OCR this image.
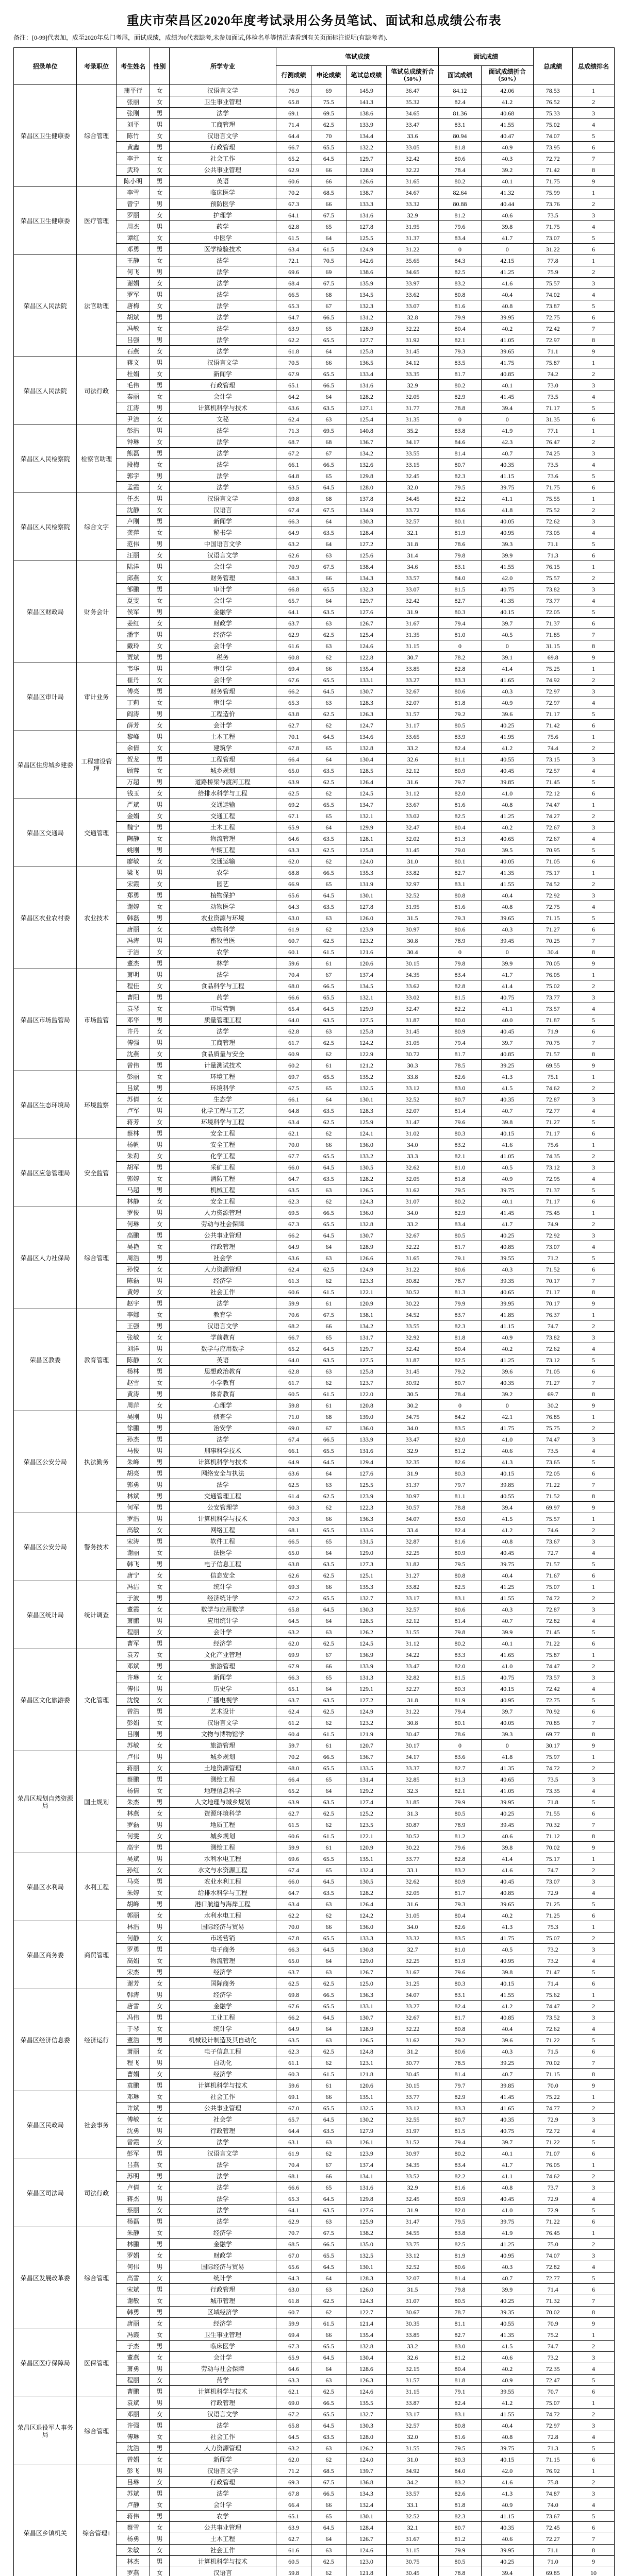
重庆市荣昌区2020年度考试录用公务员笔试、面试和总成绩公布表
备注：[0-99]代表加，成至2020年总门考尾，面试成绩，成绩为0代表缺考,未参加面试,体检名单等情况请看到有关页面标注说明(有缺考者).
招录单位	考录职位	考生姓名	性别	所学专业	笔试成绩				面试成绩		总成绩	总成绩排名
					行测成绩	申论成绩	笔试总成绩	笔试总成绩折合（50%）	面试成绩	面试成绩折合（50%）		
荣昌区卫生健康委	综合管理	蒲平行	女	汉语言文学	76.9	69	145.9	36.47	84.12	42.06	78.53	1
		张丽	女	卫生事业管理	65.8	75.5	141.3	35.32	82.4	41.2	76.52	2
		张刚	男	法学	69.1	69.5	138.6	34.65	81.36	40.68	75.33	3
		刘平	男	工商管理	71.4	62.5	133.9	33.47	83.1	41.55	75.02	4
		陈竹	女	汉语言文学	64.4	70	134.4	33.6	80.94	40.47	74.07	5
		黄鑫	男	行政管理	66.7	65.5	132.2	33.05	81.8	40.9	73.95	6
		李尹	女	社会工作	65.2	64.5	129.7	32.42	80.6	40.3	72.72	7
		武玲	女	公共事业管理	62.9	66	128.9	32.22	78.4	39.2	71.42	8
		陈小明	男	英语	60.6	66	126.6	31.65	80.2	40.1	71.75	9
荣昌区卫生健康委	医疗管理	李雪	女	临床医学	70.2	68.5	138.7	34.67	82.64	41.32	75.99	1
		曾宁	男	预防医学	67.3	66	133.3	33.32	80.88	40.44	73.76	2
		罗丽	女	护理学	64.1	67.5	131.6	32.9	81.2	40.6	73.5	3
		周杰	男	药学	62.8	65	127.8	31.95	79.6	39.8	71.75	4
		谭红	女	中医学	61.5	64	125.5	31.37	83.4	41.7	73.07	5
		邓勇	男	医学检验技术	63.4	61.5	124.9	31.22	0	0	31.22	6
荣昌区人民法院	法官助理	王静	女	法学	72.1	70.5	142.6	35.65	84.3	42.15	77.8	1
		何飞	男	法学	69.6	69	138.6	34.65	82.5	41.25	75.9	2
		谢娟	女	法学	68.4	67.5	135.9	33.97	83.2	41.6	75.57	3
		罗军	男	法学	66.5	68	134.5	33.62	80.8	40.4	74.02	4
		唐梅	女	法学	65.3	67	132.3	33.07	81.6	40.8	73.87	5
		胡斌	男	法学	64.7	66.5	131.2	32.8	79.9	39.95	72.75	6
		冯敏	女	法学	63.9	65	128.9	32.22	80.4	40.2	72.42	7
		吕强	男	法学	62.2	65.5	127.7	31.92	82.1	41.05	72.97	8
		石燕	女	法学	61.8	64	125.8	31.45	79.3	39.65	71.1	9
荣昌区人民法院	司法行政	蒋文	男	汉语言文学	70.5	66	136.5	34.12	83.5	41.75	75.87	1
		杜娟	女	新闻学	67.9	65.5	133.4	33.35	81.7	40.85	74.2	2
		毛伟	男	行政管理	65.1	66.5	131.6	32.9	80.2	40.1	73.0	3
		秦丽	女	会计学	64.2	64	128.2	32.05	82.9	41.45	73.5	4
		江涛	男	计算机科学与技术	63.6	63.5	127.1	31.77	78.8	39.4	71.17	5
		尹洁	女	文秘	62.4	63	125.4	31.35	0	0	31.35	6
荣昌区人民检察院	检察官助理	彭浩	男	法学	71.3	69.5	140.8	35.2	83.8	41.9	77.1	1
		钟琳	女	法学	68.7	68	136.7	34.17	84.6	42.3	76.47	2
		熊磊	男	法学	67.2	67	134.2	33.55	81.4	40.7	74.25	3
		段梅	女	法学	66.1	66.5	132.6	33.15	80.7	40.35	73.5	4
		郭宇	男	法学	64.8	65	129.8	32.45	82.3	41.15	73.6	5
		孟霞	女	法学	63.5	64.5	128.0	32.0	79.5	39.75	71.75	6
荣昌区人民检察院	综合文字	任杰	男	汉语言文学	69.8	68	137.8	34.45	82.2	41.1	75.55	1
		沈静	女	汉语言	67.4	67.5	134.9	33.72	83.6	41.8	75.52	2
		卢刚	男	新闻学	66.3	64	130.3	32.57	80.1	40.05	72.62	3
		龚萍	女	秘书学	64.9	63.5	128.4	32.1	81.9	40.95	73.05	4
		范伟	男	中国语言文学	63.2	64	127.2	31.8	78.6	39.3	71.1	5
		汪丽	女	汉语言文学	62.6	63	125.6	31.4	79.8	39.9	71.3	6
荣昌区财政局	财务会计	陆洋	男	会计学	70.9	67.5	138.4	34.6	83.1	41.55	76.15	1
		邱燕	女	财务管理	68.3	66	134.3	33.57	84.0	42.0	75.57	2
		邹鹏	男	审计学	66.8	65.5	132.3	33.07	81.5	40.75	73.82	3
		夏雯	女	会计学	65.7	64	129.7	32.42	82.7	41.35	73.77	4
		侯军	男	金融学	64.1	63.5	127.6	31.9	80.3	40.15	72.05	5
		姜红	女	财政学	63.7	63	126.7	31.67	79.4	39.7	71.37	6
		潘宇	男	经济学	62.9	62.5	125.4	31.35	81.0	40.5	71.85	7
		戴玲	女	会计学	61.6	63	124.6	31.15	0	0	31.15	8
		贾斌	男	税务	60.8	62	122.8	30.7	78.2	39.1	69.8	9
荣昌区审计局	审计业务	韦华	男	审计学	69.4	66	135.4	33.85	82.8	41.4	75.25	1
		崔丹	女	会计学	67.6	65.5	133.1	33.27	83.3	41.65	74.92	2
		傅亮	男	财务管理	66.2	64.5	130.7	32.67	80.6	40.3	72.97	3
		丁莉	女	审计学	65.3	63	128.3	32.07	81.8	40.9	72.97	4
		阎涛	男	工程造价	63.8	62.5	126.3	31.57	79.2	39.6	71.17	5
		薛芳	女	会计学	62.7	62	124.7	31.17	80.5	40.25	71.42	6
荣昌区住房城乡建委	工程建设管理	黎峰	男	土木工程	70.1	64.5	134.6	33.65	83.9	41.95	75.6	1
		余倩	女	建筑学	67.8	65	132.8	33.2	82.4	41.2	74.4	2
		贺龙	男	工程管理	66.4	64	130.4	32.6	81.1	40.55	73.15	3
		顾蓉	女	城乡规划	65.0	63.5	128.5	32.12	80.9	40.45	72.57	4
		万超	男	道路桥梁与渡河工程	63.9	62.5	126.4	31.6	79.7	39.85	71.45	5
		钱玉	女	给排水科学与工程	62.5	62	124.5	31.12	82.0	41.0	72.12	6
荣昌区交通局	交通管理	严斌	男	交通运输	69.2	65.5	134.7	33.67	81.6	40.8	74.47	1
		金娟	女	交通工程	67.1	65	132.1	33.02	82.5	41.25	74.27	2
		魏宁	男	土木工程	65.9	64	129.9	32.47	80.4	40.2	72.67	3
		陶静	女	物流管理	64.6	63.5	128.1	32.02	81.3	40.65	72.67	4
		姚刚	男	车辆工程	63.3	62.5	125.8	31.45	79.0	39.5	70.95	5
		廖敏	女	交通运输	62.0	62	124.0	31.0	80.1	40.05	71.05	6
荣昌区农业农村委	农业技术	梁飞	男	农学	68.8	66.5	135.3	33.82	82.7	41.35	75.17	1
		宋霞	女	园艺	66.9	65	131.9	32.97	83.1	41.55	74.52	2
		郑勇	男	植物保护	65.6	64.5	130.1	32.52	80.8	40.4	72.92	3
		谢婷	女	动物医学	64.3	63.5	127.8	31.95	81.6	40.8	72.75	4
		韩磊	男	农业资源与环境	63.0	63	126.0	31.5	79.3	39.65	71.15	5
		唐丽	女	动物科学	61.9	62	123.9	30.97	80.6	40.3	71.27	6
		冯涛	男	畜牧兽医	60.7	62.5	123.2	30.8	78.9	39.45	70.25	7
		于洁	女	农学	60.1	61.5	121.6	30.4	0	0	30.4	8
		董杰	男	林学	59.6	61	120.6	30.15	79.8	39.9	70.05	9
荣昌区市场监管局	市场监管	萧明	男	法学	70.4	67	137.4	34.35	83.4	41.7	76.05	1
		程佳	女	食品科学与工程	68.0	66.5	134.5	33.62	82.8	41.4	75.02	2
		曹阳	男	药学	66.6	65.5	132.1	33.02	81.5	40.75	73.77	3
		袁琴	女	市场营销	65.4	64.5	129.9	32.47	82.2	41.1	73.57	4
		邓华	男	质量管理工程	64.0	63.5	127.5	31.87	80.0	40.0	71.87	5
		许丹	女	法学	62.8	63	125.8	31.45	80.9	40.45	71.9	6
		傅强	男	工商管理	61.7	62.5	124.2	31.05	79.4	39.7	70.75	7
		沈燕	女	食品质量与安全	60.9	62	122.9	30.72	81.7	40.85	71.57	8
		曾伟	男	计量测试技术	60.2	61	121.2	30.3	78.5	39.25	69.55	9
荣昌区生态环境局	环境监察	彭丽	女	环境工程	69.7	65.5	135.2	33.8	82.6	41.3	75.1	1
		吕斌	男	环境科学	67.5	65	132.5	33.12	83.0	41.5	74.62	2
		苏倩	女	生态学	66.1	64	130.1	32.52	80.7	40.35	72.87	3
		卢军	男	化学工程与工艺	64.8	63.5	128.3	32.07	81.4	40.7	72.77	4
		蒋芳	女	环境科学与工程	63.4	62.5	125.9	31.47	79.6	39.8	71.27	5
		蔡林	男	安全工程	62.1	62	124.1	31.02	80.3	40.15	71.17	6
荣昌区应急管理局	安全监管	杨帆	男	安全工程	70.0	66	136.0	34.0	83.2	41.6	75.6	1
		朱莉	女	化学工程	67.7	65.5	133.2	33.3	82.1	41.05	74.35	2
		胡军	男	采矿工程	66.0	64.5	130.5	32.62	81.0	40.5	73.12	3
		郭婷	女	消防工程	64.7	63.5	128.2	32.05	81.8	40.9	72.95	4
		马超	男	机械工程	63.5	63	126.5	31.62	79.5	39.75	71.37	5
		林静	女	安全工程	62.3	62	124.3	31.07	80.2	40.1	71.17	6
荣昌区人力社保局	综合管理	罗俊	男	人力资源管理	69.5	66.5	136.0	34.0	82.9	41.45	75.45	1
		何琳	女	劳动与社会保障	67.3	65.5	132.8	33.2	83.4	41.7	74.9	2
		高鹏	男	公共事业管理	66.2	64.5	130.7	32.67	80.5	40.25	72.92	3
		吴艳	女	行政管理	64.9	64	128.9	32.22	81.7	40.85	73.07	4
		周浩	男	社会学	63.6	63	126.6	31.65	79.1	39.55	71.2	5
		孙悦	女	人力资源管理	62.4	62.5	124.9	31.22	80.6	40.3	71.52	6
		陈磊	男	经济学	61.3	62	123.3	30.82	78.7	39.35	70.17	7
		黄婷	女	社会工作	60.6	61.5	122.1	30.52	81.3	40.65	71.17	8
		赵宇	男	法学	59.9	61	120.9	30.22	79.9	39.95	70.17	9
荣昌区教委	教育管理	李娜	女	教育学	70.6	67.5	138.1	34.52	83.7	41.85	76.37	1
		王强	男	汉语言文学	68.2	66	134.2	33.55	82.3	41.15	74.7	2
		张敏	女	学前教育	66.7	65	131.7	32.92	81.8	40.9	73.82	3
		刘洋	男	数学与应用数学	65.2	64.5	129.7	32.42	80.4	40.2	72.62	4
		陈静	女	英语	64.0	63.5	127.5	31.87	82.5	41.25	73.12	5
		杨林	男	思想政治教育	62.8	63	125.8	31.45	79.2	39.6	71.05	6
		赵雪	女	小学教育	61.7	62	123.7	30.92	80.7	40.35	71.27	7
		黄涛	男	体育教育	60.5	61.5	122.0	30.5	78.4	39.2	69.7	8
		周萍	女	心理学	59.8	61	120.8	30.2	0	0	30.2	9
荣昌区公安分局	执法勤务	吴刚	男	侦查学	71.0	68	139.0	34.75	84.2	42.1	76.85	1
		徐鹏	男	治安学	69.0	67	136.0	34.0	83.5	41.75	75.75	2
		孙杰	男	法学	67.4	66.5	133.9	33.47	82.0	41.0	74.47	3
		马俊	男	刑事科学技术	66.1	65.5	131.6	32.9	81.2	40.6	73.5	4
		朱峰	男	计算机科学与技术	64.9	64.5	129.4	32.35	82.6	41.3	73.65	5
		胡亮	男	网络安全与执法	63.6	64	127.6	31.9	80.3	40.15	72.05	6
		郭勇	男	法学	62.5	63	125.5	31.37	79.7	39.85	71.22	7
		林斌	男	交通管理工程	61.4	62.5	123.9	30.97	81.1	40.55	71.52	8
		何军	男	公安管理学	60.3	62	122.3	30.57	78.8	39.4	69.97	9
荣昌区公安分局	警务技术	罗浩	男	计算机科学与技术	70.3	66	136.3	34.07	83.0	41.5	75.57	1
		高敏	女	网络工程	68.1	65.5	133.6	33.4	82.4	41.2	74.6	2
		宋涛	男	软件工程	66.5	65	131.5	32.87	81.6	40.8	73.67	3
		谢丽	女	法医学	65.0	64	129.0	32.25	80.9	40.45	72.7	4
		韩飞	男	电子信息工程	63.8	63.5	127.3	31.82	79.5	39.75	71.57	5
		唐宁	女	信息安全	62.6	62.5	125.1	31.27	80.8	40.4	71.67	6
荣昌区统计局	统计调查	冯洁	女	统计学	69.3	66	135.3	33.82	82.5	41.25	75.07	1
		于波	男	经济统计学	67.2	65.5	132.7	33.17	83.1	41.55	74.72	2
		董霞	女	数学与应用数学	65.8	64.5	130.3	32.57	80.6	40.3	72.87	3
		萧鹏	男	应用统计学	64.5	64	128.5	32.12	81.4	40.7	72.82	4
		程丽	女	会计学	63.2	63	126.2	31.55	79.8	39.9	71.45	5
		曹军	男	经济学	62.0	62.5	124.5	31.12	80.2	40.1	71.22	6
荣昌区文化旅游委	文化管理	袁芳	女	文化产业管理	69.9	67	136.9	34.22	83.3	41.65	75.87	1
		邓斌	男	旅游管理	67.9	66	133.9	33.47	82.0	41.0	74.47	2
		许琳	女	新闻学	66.3	65	131.3	32.82	81.5	40.75	73.57	3
		傅伟	男	历史学	65.1	64	129.1	32.27	80.3	40.15	72.42	4
		沈悦	女	广播电视学	63.7	63.5	127.2	31.8	81.9	40.95	72.75	5
		曾浩	男	艺术设计	62.4	62.5	124.9	31.22	79.4	39.7	70.92	6
		彭娟	女	汉语言文学	61.2	62	123.2	30.8	80.1	40.05	70.85	7
		吕刚	男	文物与博物馆学	60.4	61.5	121.9	30.47	78.6	39.3	69.77	8
		苏敏	女	旅游管理	59.7	61	120.7	30.17	0	0	30.17	9
荣昌区规划自然资源局	国土规划	卢伟	男	城乡规划	70.2	66.5	136.7	34.17	83.6	41.8	75.97	1
		蒋丽	女	土地资源管理	68.0	65.5	133.5	33.37	82.7	41.35	74.72	2
		蔡鹏	男	测绘工程	66.4	65	131.4	32.85	81.3	40.65	73.5	3
		杨倩	女	地理信息科学	65.2	64	129.2	32.3	82.1	41.05	73.35	4
		朱杰	男	人文地理与城乡规划	63.9	63.5	127.4	31.85	79.9	39.95	71.8	5
		林燕	女	资源环境科学	62.7	62.5	125.2	31.3	80.5	40.25	71.55	6
		罗磊	男	地质工程	61.5	62	123.5	30.87	78.9	39.45	70.32	7
		何雯	女	城乡规划	60.6	61.5	122.1	30.52	81.2	40.6	71.12	8
		高宇	男	测绘工程	59.9	61	120.9	30.22	79.6	39.8	70.02	9
荣昌区水利局	水利工程	吴斌	男	水利水电工程	69.6	65.5	135.1	33.77	82.8	41.4	75.17	1
		孙红	女	水文与水资源工程	67.4	65	132.4	33.1	83.2	41.6	74.7	2
		马亮	男	农业水利工程	66.0	64.5	130.5	32.62	80.9	40.45	73.07	3
		朱婷	女	给排水科学与工程	64.7	63.5	128.2	32.05	81.7	40.85	72.9	4
		胡峰	男	港口航道与海岸工程	63.4	63	126.4	31.6	79.3	39.65	71.25	5
		郭丽	女	水利水电工程	62.2	62	124.2	31.05	80.4	40.2	71.25	6
荣昌区商务委	商贸管理	林浩	男	国际经济与贸易	70.0	66	136.0	34.0	82.6	41.3	75.3	1
		何静	女	市场营销	67.8	65.5	133.3	33.32	83.5	41.75	75.07	2
		罗勇	男	电子商务	66.3	64.5	130.8	32.7	81.0	40.5	73.2	3
		高娟	女	物流管理	65.0	64	129.0	32.25	81.9	40.95	73.2	4
		宋杰	男	经济学	63.7	63	126.7	31.67	79.6	39.8	71.47	5
		谢芳	女	国际商务	62.5	62.5	125.0	31.25	80.3	40.15	71.4	6
荣昌区经济信息委	经济运行	韩涛	男	经济学	69.8	66.5	136.3	34.07	83.1	41.55	75.62	1
		唐雪	女	金融学	67.6	65.5	133.1	33.27	82.4	41.2	74.47	2
		冯伟	男	工业工程	66.2	64.5	130.7	32.67	81.7	40.85	73.52	3
		于琴	女	统计学	64.9	64	128.9	32.22	80.8	40.4	72.62	4
		董浩	男	机械设计制造及其自动化	63.5	63	126.5	31.62	79.2	39.6	71.22	5
		萧丽	女	电子信息工程	62.3	62.5	124.8	31.2	80.6	40.3	71.5	6
		程飞	男	自动化	61.1	62	123.1	30.77	78.5	39.25	70.02	7
		曹娟	女	经济学	60.3	61.5	121.8	30.45	81.4	40.7	71.15	8
		袁鹏	男	计算机科学与技术	59.6	61	120.6	30.15	79.7	39.85	70.0	9
荣昌区民政局	社会事务	邓琳	女	社会工作	69.1	66	135.1	33.77	82.9	41.45	75.22	1
		许斌	男	公共事业管理	67.0	65.5	132.5	33.12	83.3	41.65	74.77	2
		傅敏	女	社会学	65.7	64.5	130.2	32.55	80.7	40.35	72.9	3
		沈勇	男	行政管理	64.4	63.5	127.9	31.97	81.5	40.75	72.72	4
		曾霞	女	法学	63.1	63	126.1	31.52	79.4	39.7	71.22	5
		彭军	男	汉语言文学	61.9	62	123.9	30.97	80.2	40.1	71.07	6
荣昌区司法局	司法行政	吕燕	女	法学	70.4	67	137.4	34.35	83.4	41.7	76.05	1
		苏明	男	法学	68.1	66	134.1	33.52	82.2	41.1	74.62	2
		卢倩	女	法学	66.6	65	131.6	32.9	81.6	40.8	73.7	3
		蒋杰	男	法学	65.3	64.5	129.8	32.45	80.9	40.45	72.9	4
		蔡丽	女	法学	64.1	63.5	127.6	31.9	82.0	41.0	72.9	5
		杨磊	男	法学	62.9	63	125.9	31.47	79.5	39.75	71.22	6
荣昌区发展改革委	综合管理	朱静	女	经济学	70.7	67.5	138.2	34.55	83.8	41.9	76.45	1
		林鹏	男	金融学	68.5	66.5	135.0	33.75	82.5	41.25	75.0	2
		罗娟	女	财政学	67.0	65.5	132.5	33.12	81.9	40.95	74.07	3
		何伟	男	国际经济与贸易	65.6	64.5	130.1	32.52	80.6	40.3	72.82	4
		高雪	女	统计学	64.3	64	128.3	32.07	81.4	40.7	72.77	5
		宋斌	男	行政管理	63.0	63	126.0	31.5	79.8	39.9	71.4	6
		谢敏	女	城市管理	61.8	62.5	124.3	31.07	80.5	40.25	71.32	7
		韩勇	男	区域经济学	60.7	62	122.7	30.67	78.7	39.35	70.02	8
		唐丽	女	经济学	59.9	61.5	121.4	30.35	81.1	40.55	70.9	9
荣昌区医疗保障局	医保管理	冯霞	女	卫生事业管理	69.4	66	135.4	33.85	82.7	41.35	75.2	1
		于杰	男	临床医学	67.3	65.5	132.8	33.2	83.0	41.5	74.7	2
		董燕	女	会计学	65.9	64.5	130.4	32.6	81.2	40.6	73.2	3
		萧勇	男	劳动与社会保障	64.6	64	128.6	32.15	80.4	40.2	72.35	4
		程丽	女	药学	63.3	63	126.3	31.57	81.8	40.9	72.47	5
		曹鹏	男	计算机科学与技术	62.1	62.5	124.6	31.15	79.1	39.55	70.7	6
荣昌区退役军人事务局	综合管理	袁斌	男	行政管理	69.0	66.5	135.5	33.87	82.4	41.2	75.07	1
		邓丽	女	汉语言文学	67.2	65.5	132.7	33.17	83.1	41.55	74.72	2
		许强	男	法学	65.8	64.5	130.3	32.57	80.8	40.4	72.97	3
		傅琳	女	社会工作	64.5	63.5	128.0	32.0	81.6	40.8	72.8	4
		沈浩	男	人力资源管理	63.2	63	126.2	31.55	79.5	39.75	71.3	5
		曾娟	女	新闻学	62.0	62	124.0	31.0	80.3	40.15	71.15	6
荣昌区乡镇机关	综合管理1	彭飞	男	汉语言文学	71.2	68.5	139.7	34.92	84.0	42.0	76.92	1
		吕琳	女	行政管理	69.3	67.5	136.8	34.2	83.2	41.6	75.8	2
		苏斌	男	法学	67.8	66.5	134.3	33.57	82.6	41.3	74.87	3
		卢静	女	会计学	66.4	66	132.4	33.1	81.8	40.9	74.0	4
		蒋伟	男	农学	65.1	65	130.1	32.52	82.3	41.15	73.67	5
		蔡雪	女	公共事业管理	63.9	64.5	128.4	32.1	80.7	40.35	72.45	6
		杨勇	男	土木工程	62.7	64	126.7	31.67	81.2	40.6	72.27	7
		朱敏	女	社会工作	61.6	63	124.6	31.15	79.9	39.95	71.1	8
		林杰	男	计算机科学与技术	60.5	62.5	123.0	30.75	80.5	40.25	71.0	9
		罗燕	女	汉语言	59.8	62	121.8	30.45	78.8	39.4	69.85	10
